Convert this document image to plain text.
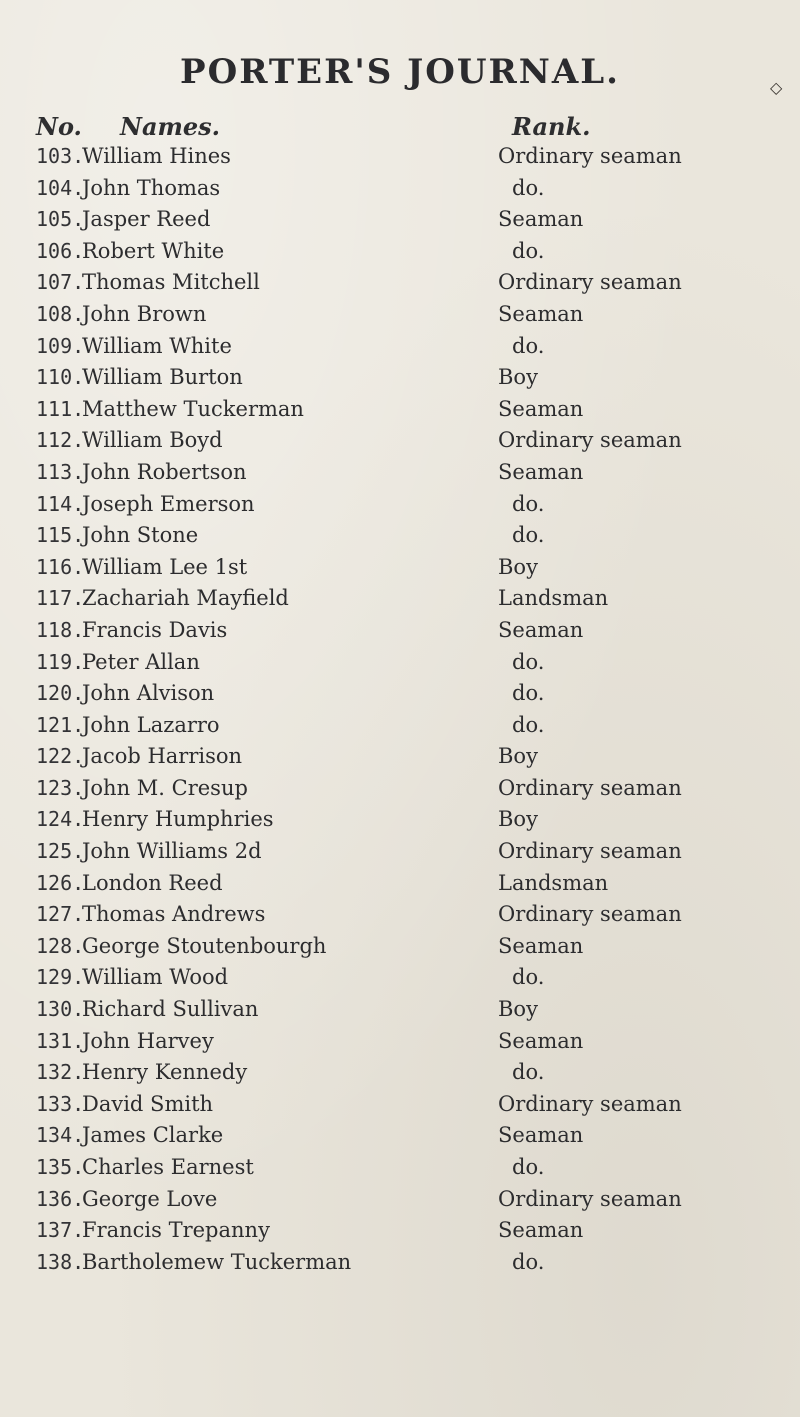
PORTER'S JOURNAL.	◇
No. Names.	Rank.
103.
William Hines	Ordinary seaman
104.
John Thomas	do.
105.
Jasper Reed	Seaman
106.
Robert White	do.
107.
Thomas Mitchell	Ordinary seaman
108.
John Brown	Seaman
109.
William White	do.
110.
William Burton	Boy
111.
Matthew Tuckerman	Seaman
112.
William Boyd	Ordinary seaman
113.
John Robertson	Seaman
114.
Joseph Emerson	do.
115.
John Stone	do.
116.
William Lee 1st	Boy
117.
Zachariah Mayfield	Landsman
118.
Francis Davis	Seaman
119.
Peter Allan	do.
120.
John Alvison	do.
121.
John Lazarro	do.
122.
Jacob Harrison	Boy
123.
John M. Cresup	Ordinary seaman
124.
Henry Humphries	Boy
125.
John Williams 2d	Ordinary seaman
126.
London Reed	Landsman
127.
Thomas Andrews	Ordinary seaman
128.
George Stoutenbourgh	Seaman
129.
William Wood	do.
130.
Richard Sullivan	Boy
131.
John Harvey	Seaman
132.
Henry Kennedy	do.
133.
David Smith	Ordinary seaman
134.
James Clarke	Seaman
135.
Charles Earnest	do.
136.
George Love	Ordinary seaman
137.
Francis Trepanny	Seaman
138.
Bartholemew Tuckerman	do.
